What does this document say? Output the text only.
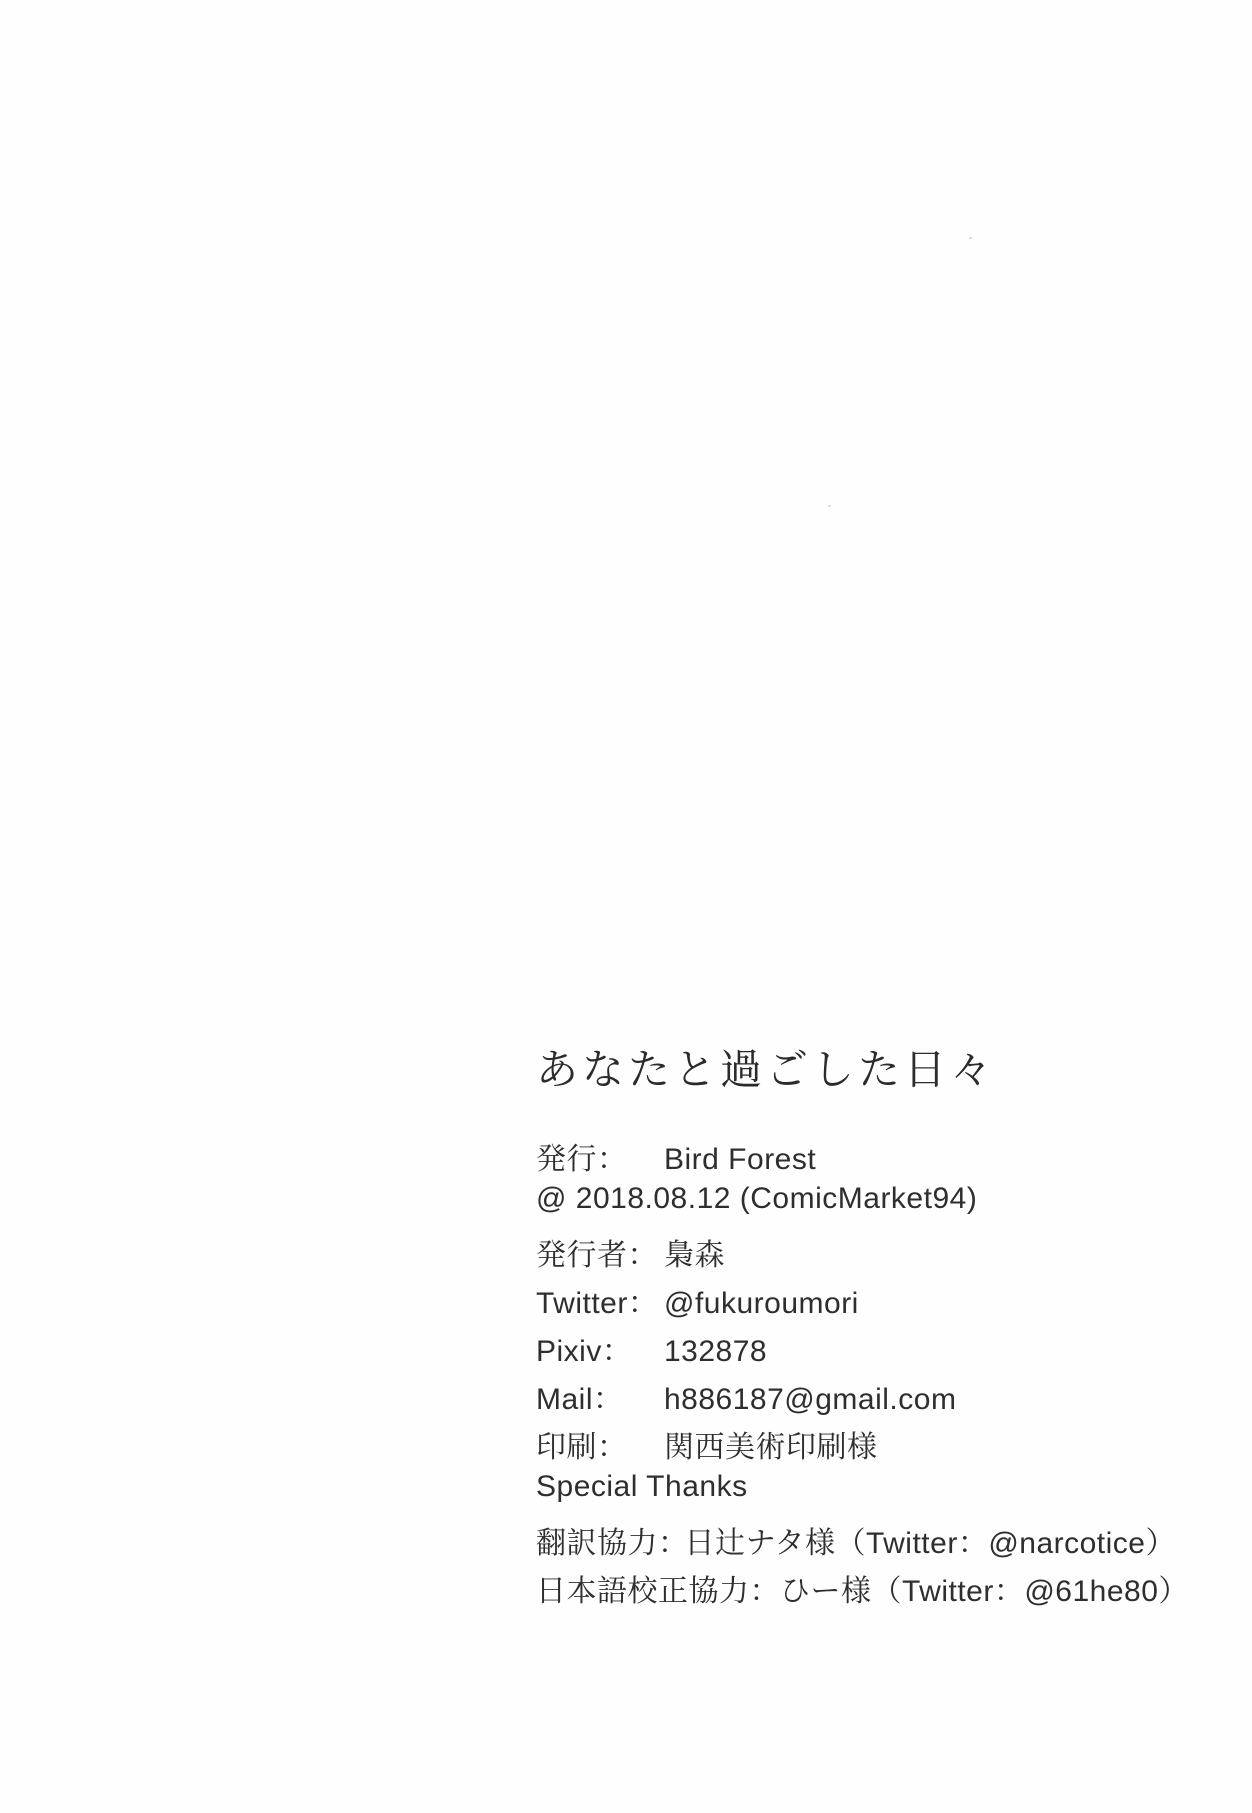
あなたと過ごした日々
発行：	Bird Forest
@ 2018.08.12 (ComicMarket94)
発行者： 梟森
Twitter： @fukuroumori
Pixiv：	132878
Mail：	h886187@gmail.com
印刷：	関西美術印刷様
Special Thanks
翻訳協力：
日辻ナタ様（Twitter：@narcotice）
日本語校正協力：ひー様（Twitter：@61he80）
